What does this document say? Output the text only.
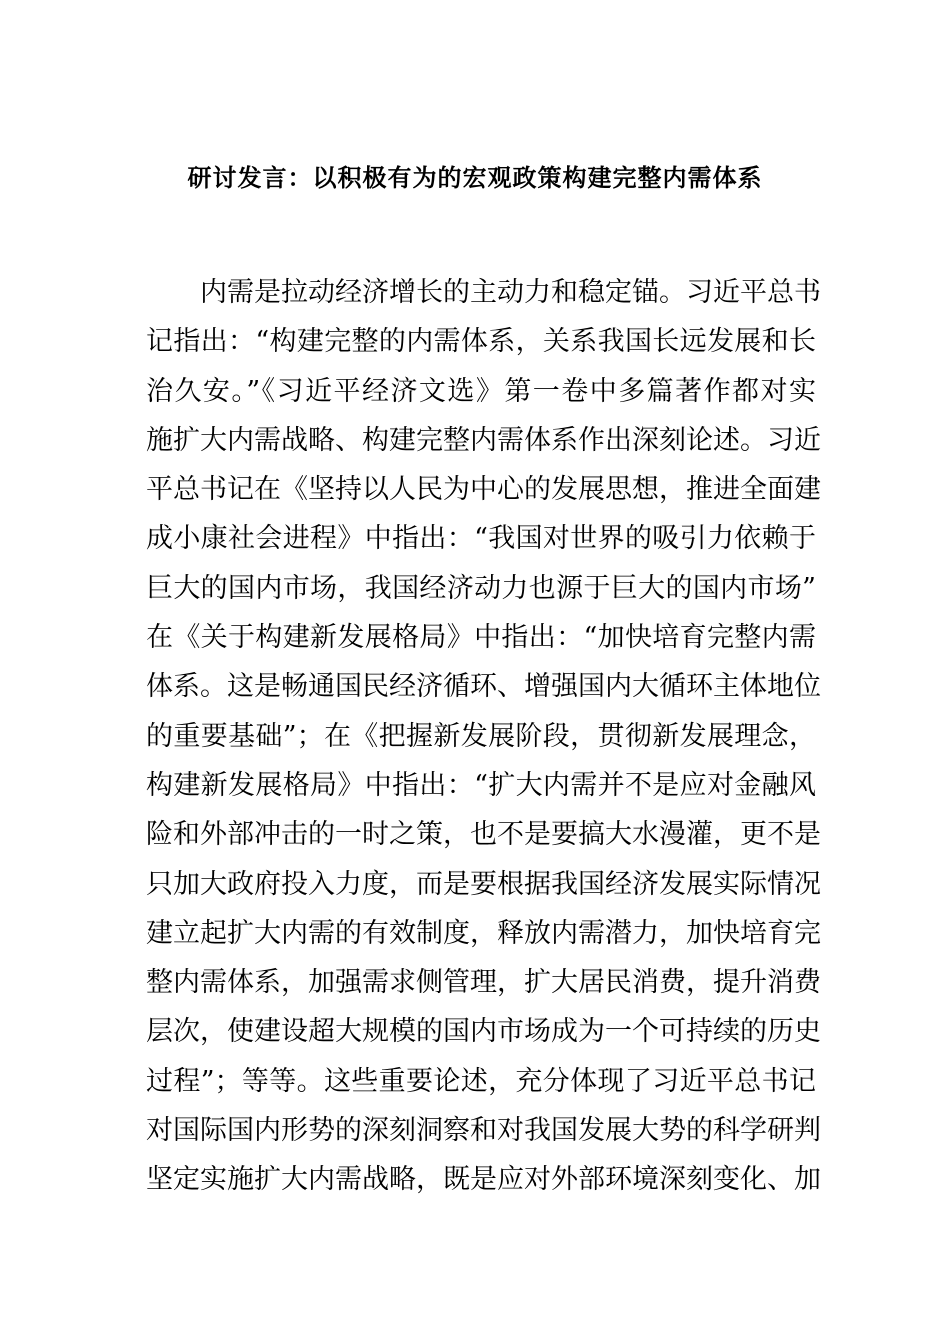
研讨发言：以积极有为的宏观政策构建完整内需体系
内需是拉动经济增长的主动力和稳定锚。习近平总书
记指出：“构建完整的内需体系，关系我国长远发展和长
治久安。”《习近平经济文选》第一卷中多篇著作都对实
施扩大内需战略、构建完整内需体系作出深刻论述。习近
平总书记在《坚持以人民为中心的发展思想，推进全面建
成小康社会进程》中指出：“我国对世界的吸引力依赖于
巨大的国内市场，我国经济动力也源于巨大的国内市场”
在《关于构建新发展格局》中指出：“加快培育完整内需
体系。这是畅通国民经济循环、增强国内大循环主体地位
的重要基础”；在《把握新发展阶段，贯彻新发展理念，
构建新发展格局》中指出：“扩大内需并不是应对金融风
险和外部冲击的一时之策，也不是要搞大水漫灌，更不是
只加大政府投入力度，而是要根据我国经济发展实际情况
建立起扩大内需的有效制度，释放内需潜力，加快培育完
整内需体系，加强需求侧管理，扩大居民消费，提升消费
层次，使建设超大规模的国内市场成为一个可持续的历史
过程”；等等。这些重要论述，充分体现了习近平总书记
对国际国内形势的深刻洞察和对我国发展大势的科学研判
坚定实施扩大内需战略，既是应对外部环境深刻变化、加
